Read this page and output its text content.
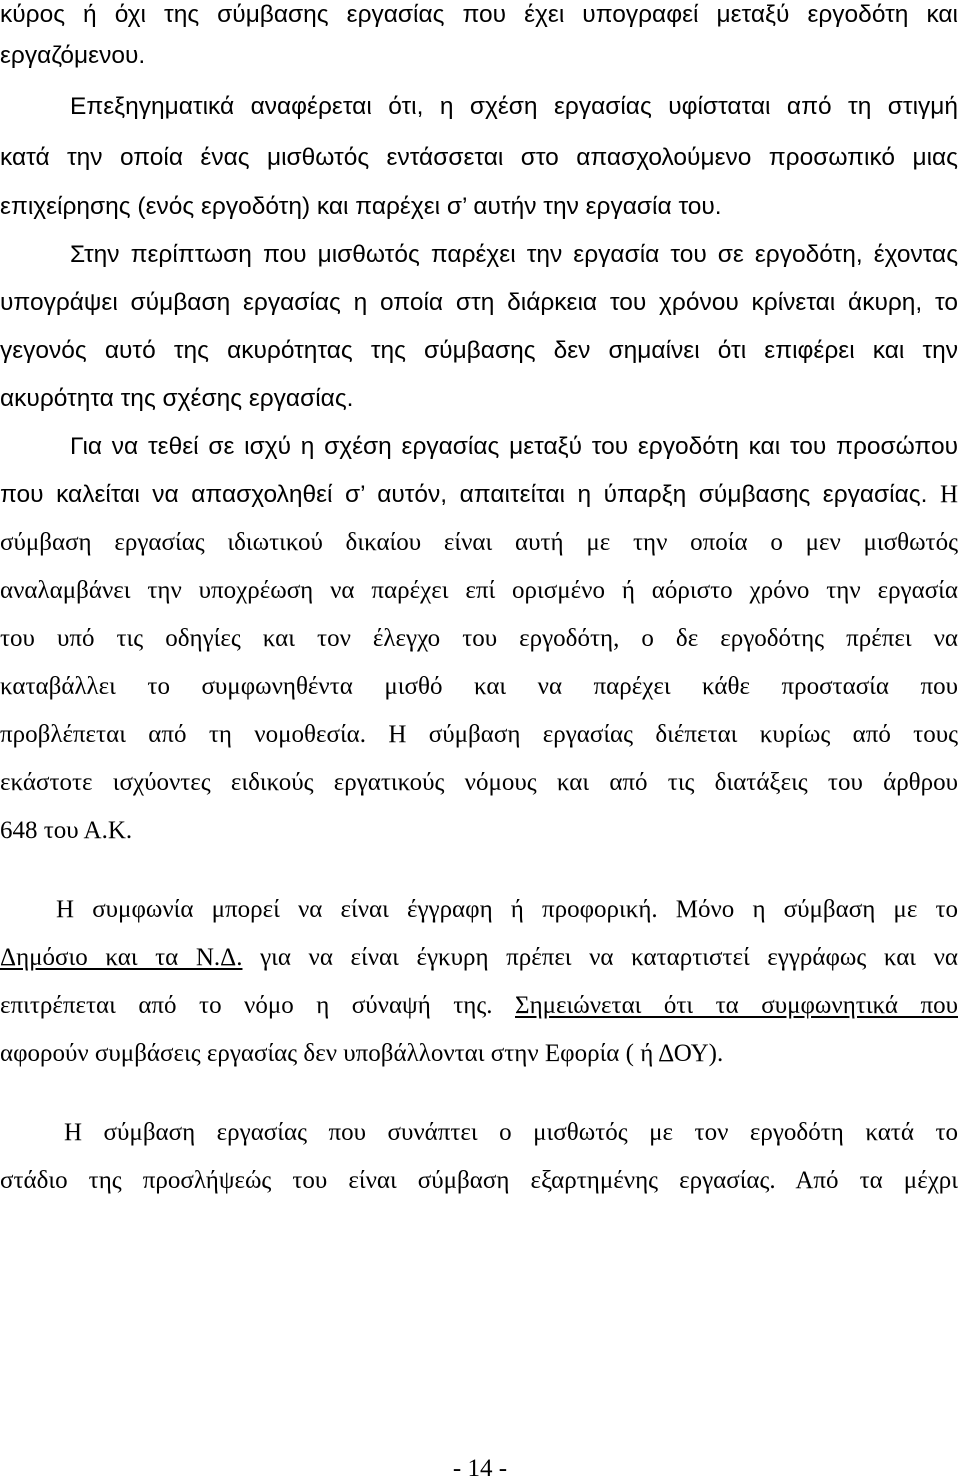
κύρος ή όχι της σύμβασης εργασίας που έχει υπογραφεί μεταξύ εργοδότη και
εργαζόμενου.
Επεξηγηματικά αναφέρεται ότι, η σχέση εργασίας υφίσταται από τη στιγμή
κατά την οποία ένας μισθωτός εντάσσεται στο απασχολούμενο προσωπικό μιας
επιχείρησης (ενός εργοδότη) και παρέχει σ’ αυτήν την εργασία του.
Στην περίπτωση που μισθωτός παρέχει την εργασία του σε εργοδότη, έχοντας
υπογράψει σύμβαση εργασίας η οποία στη διάρκεια του χρόνου κρίνεται άκυρη, το
γεγονός αυτό της ακυρότητας της σύμβασης δεν σημαίνει ότι επιφέρει και την
ακυρότητα της σχέσης εργασίας.
Για να τεθεί σε ισχύ η σχέση εργασίας μεταξύ του εργοδότη και του προσώπου
που καλείται να απασχοληθεί σ’ αυτόν, απαιτείται η ύπαρξη σύμβασης εργασίας. Η
σύμβαση εργασίας ιδιωτικού δικαίου είναι αυτή με την οποία ο μεν μισθωτός
αναλαμβάνει την υποχρέωση να παρέχει επί ορισμένο ή αόριστο χρόνο την εργασία
του υπό τις οδηγίες και τον έλεγχο του εργοδότη, ο δε εργοδότης πρέπει να
καταβάλλει το συμφωνηθέντα μισθό και να παρέχει κάθε προστασία που
προβλέπεται από τη νομοθεσία. Η σύμβαση εργασίας διέπεται κυρίως από τους
εκάστοτε ισχύοντες ειδικούς εργατικούς νόμους και από τις διατάξεις του άρθρου
648 του Α.Κ.
Η συμφωνία μπορεί να είναι έγγραφη ή προφορική. Μόνο η σύμβαση με το
Δημόσιο και τα Ν.Δ. για να είναι έγκυρη πρέπει να καταρτιστεί εγγράφως και να
επιτρέπεται από το νόμο η σύναψή της. Σημειώνεται ότι τα συμφωνητικά που
αφορούν συμβάσεις εργασίας δεν υποβάλλονται στην Εφορία ( ή ΔΟΥ).
Η σύμβαση εργασίας που συνάπτει ο μισθωτός με τον εργοδότη κατά το
στάδιο της προσλήψεώς του είναι σύμβαση εξαρτημένης εργασίας. Από τα μέχρι
- 14 -
